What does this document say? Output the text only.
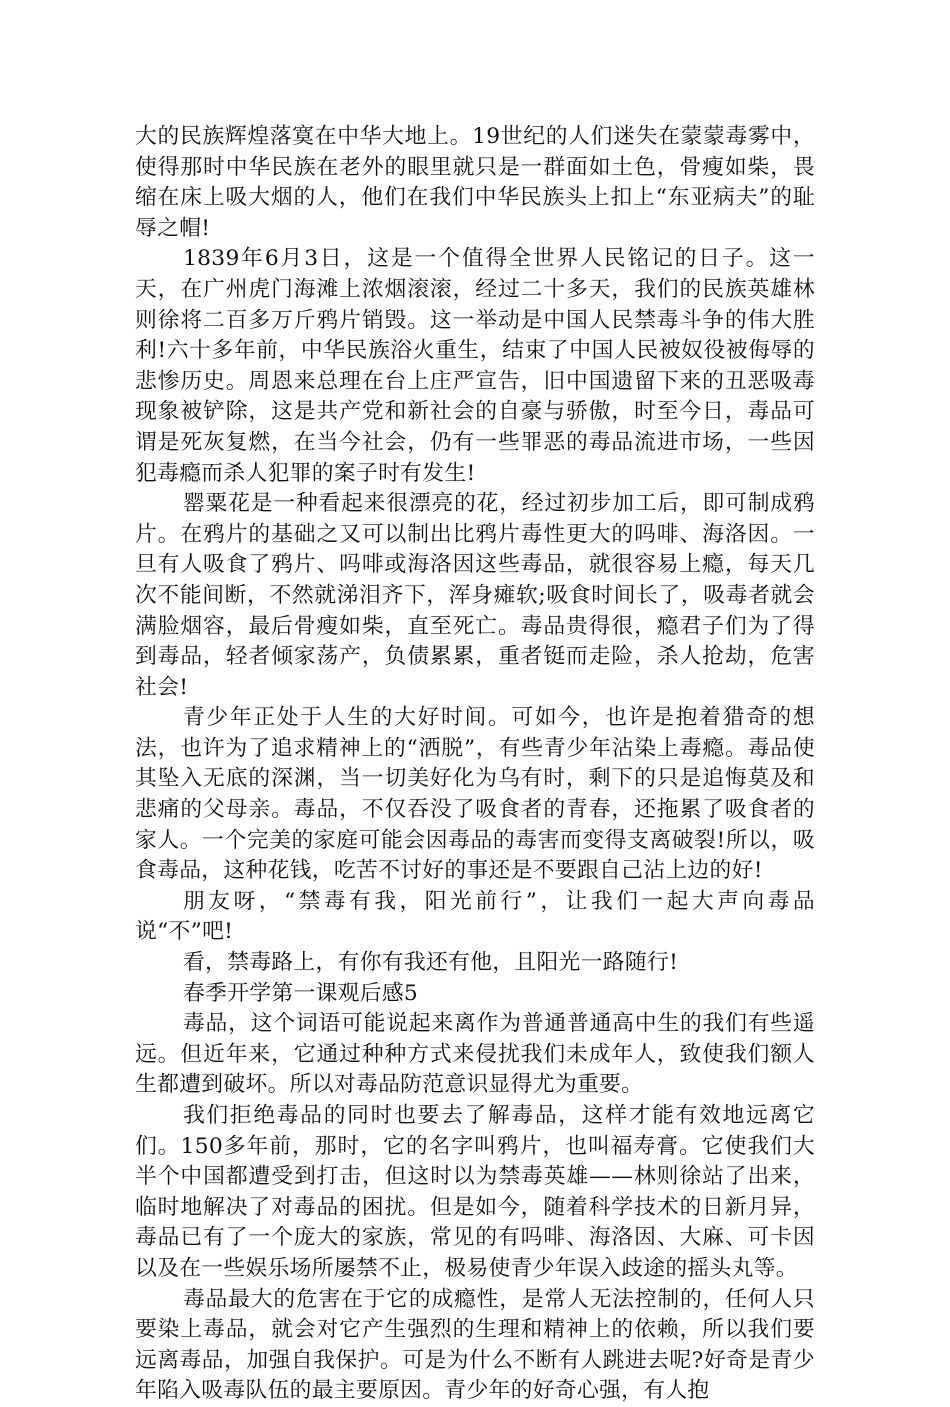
大的民族辉煌落寞在中华大地上。19世纪的人们迷失在蒙蒙毒雾中，使得那时中华民族在老外的眼里就只是一群面如土色，骨瘦如柴，畏缩在床上吸大烟的人，他们在我们中华民族头上扣上“东亚病夫”的耻辱之帽!

1839年6月3日，这是一个值得全世界人民铭记的日子。这一天，在广州虎门海滩上浓烟滚滚，经过二十多天，我们的民族英雄林则徐将二百多万斤鸦片销毁。这一举动是中国人民禁毒斗争的伟大胜利!六十多年前，中华民族浴火重生，结束了中国人民被奴役被侮辱的悲惨历史。周恩来总理在台上庄严宣告，旧中国遗留下来的丑恶吸毒现象被铲除，这是共产党和新社会的自豪与骄傲，时至今日，毒品可谓是死灰复燃，在当今社会，仍有一些罪恶的毒品流进市场，一些因犯毒瘾而杀人犯罪的案子时有发生!

罂粟花是一种看起来很漂亮的花，经过初步加工后，即可制成鸦片。在鸦片的基础之又可以制出比鸦片毒性更大的吗啡、海洛因。一旦有人吸食了鸦片、吗啡或海洛因这些毒品，就很容易上瘾，每天几次不能间断，不然就涕泪齐下，浑身瘫软;吸食时间长了，吸毒者就会满脸烟容，最后骨瘦如柴，直至死亡。毒品贵得很，瘾君子们为了得到毒品，轻者倾家荡产，负债累累，重者铤而走险，杀人抢劫，危害社会!

青少年正处于人生的大好时间。可如今，也许是抱着猎奇的想法，也许为了追求精神上的“洒脱”，有些青少年沾染上毒瘾。毒品使其坠入无底的深渊，当一切美好化为乌有时，剩下的只是追悔莫及和悲痛的父母亲。毒品，不仅吞没了吸食者的青春，还拖累了吸食者的家人。一个完美的家庭可能会因毒品的毒害而变得支离破裂!所以，吸食毒品，这种花钱，吃苦不讨好的事还是不要跟自己沾上边的好!

朋友呀，“禁毒有我，阳光前行”，让我们一起大声向毒品说“不”吧!

看，禁毒路上，有你有我还有他，且阳光一路随行!

春季开学第一课观后感5

毒品，这个词语可能说起来离作为普通普通高中生的我们有些遥远。但近年来，它通过种种方式来侵扰我们未成年人，致使我们额人生都遭到破坏。所以对毒品防范意识显得尤为重要。

我们拒绝毒品的同时也要去了解毒品，这样才能有效地远离它们。150多年前，那时，它的名字叫鸦片，也叫福寿膏。它使我们大半个中国都遭受到打击，但这时以为禁毒英雄——林则徐站了出来，临时地解决了对毒品的困扰。但是如今，随着科学技术的日新月异，毒品已有了一个庞大的家族，常见的有吗啡、海洛因、大麻、可卡因以及在一些娱乐场所屡禁不止，极易使青少年误入歧途的摇头丸等。

毒品最大的危害在于它的成瘾性，是常人无法控制的，任何人只要染上毒品，就会对它产生强烈的生理和精神上的依赖，所以我们要远离毒品，加强自我保护。可是为什么不断有人跳进去呢?好奇是青少年陷入吸毒队伍的最主要原因。青少年的好奇心强，有人抱
